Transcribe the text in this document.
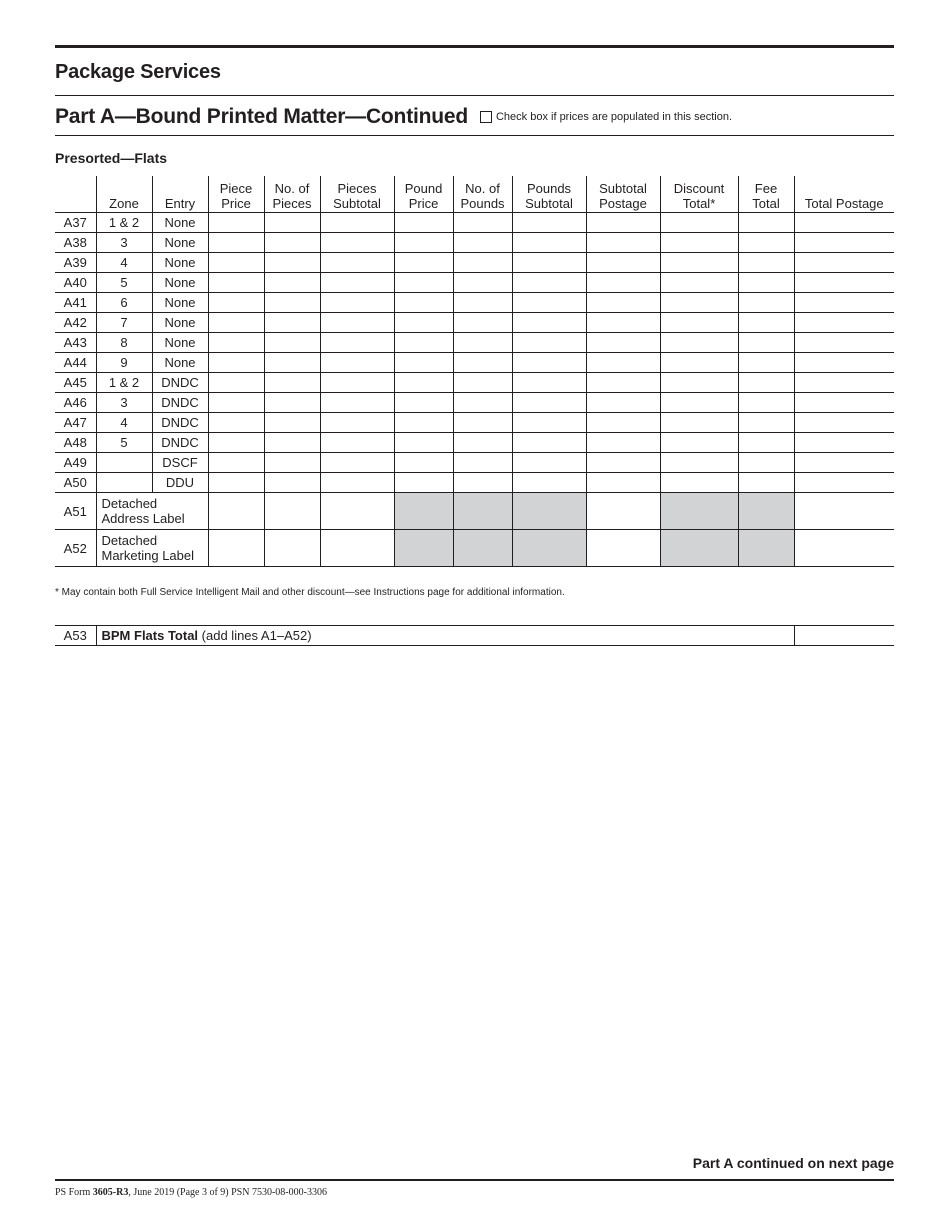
Package Services
Part A—Bound Printed Matter—Continued	Check box if prices are populated in this section.
Presorted—Flats
	Zone	Entry	Piece Price	No. of Pieces	Pieces Subtotal	Pound Price	No. of Pounds	Pounds Subtotal	Subtotal Postage	Discount Total*	Fee Total	Total Postage
A37	1 & 2	None										
A38	3	None										
A39	4	None										
A40	5	None										
A41	6	None										
A42	7	None										
A43	8	None										
A44	9	None										
A45	1 & 2	DNDC										
A46	3	DNDC										
A47	4	DNDC										
A48	5	DNDC										
A49		DSCF										
A50		DDU										
A51	Detached
Address Label											

A52	Detached
Marketing Label											

* May contain both Full Service Intelligent Mail and other discount—see Instructions page for additional information.
A53	BPM Flats Total (add lines A1–A52)	
Part A continued on next page
PS Form 3605-R3, June 2019 (Page 3 of 9) PSN 7530-08-000-3306
